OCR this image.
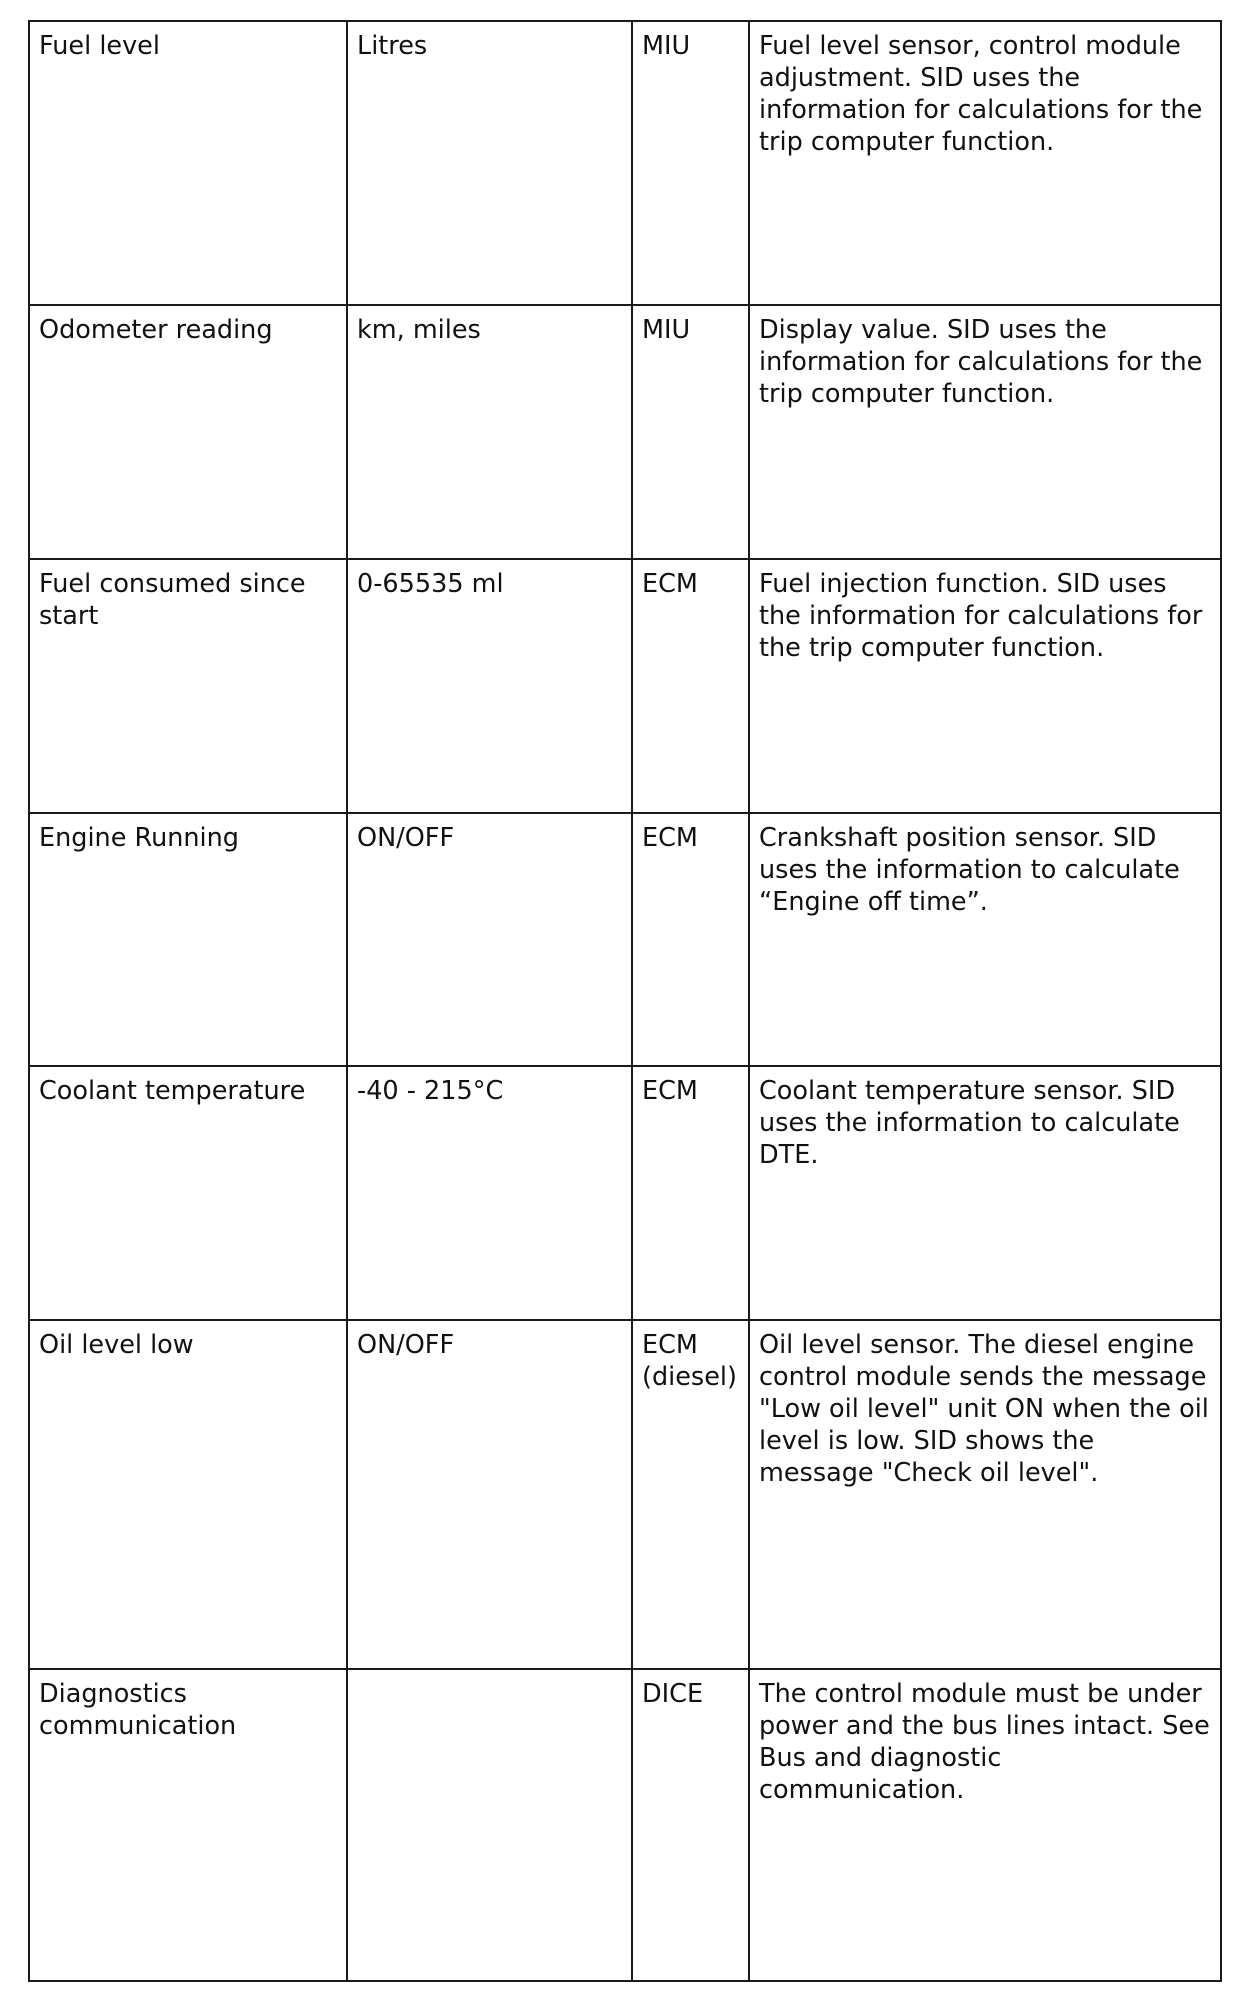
Fuel level	Litres	MIU	Fuel level sensor, control module adjustment. SID uses the information for calculations for the trip computer function.
Odometer reading	km, miles	MIU	Display value. SID uses the information for calculations for the trip computer function.
Fuel consumed since start	0-65535 ml	ECM	Fuel injection function. SID uses the information for calculations for the trip computer function.
Engine Running	ON/OFF	ECM	Crankshaft position sensor. SID uses the information to calculate “Engine off time”.
Coolant temperature	-40 - 215°C	ECM	Coolant temperature sensor. SID uses the information to calculate DTE.
Oil level low	ON/OFF	ECM (diesel)	Oil level sensor. The diesel engine control module sends the message "Low oil level" unit ON when the oil level is low. SID shows the message "Check oil level".
Diagnostics communication		DICE	The control module must be under power and the bus lines intact. See Bus and diagnostic communication.
